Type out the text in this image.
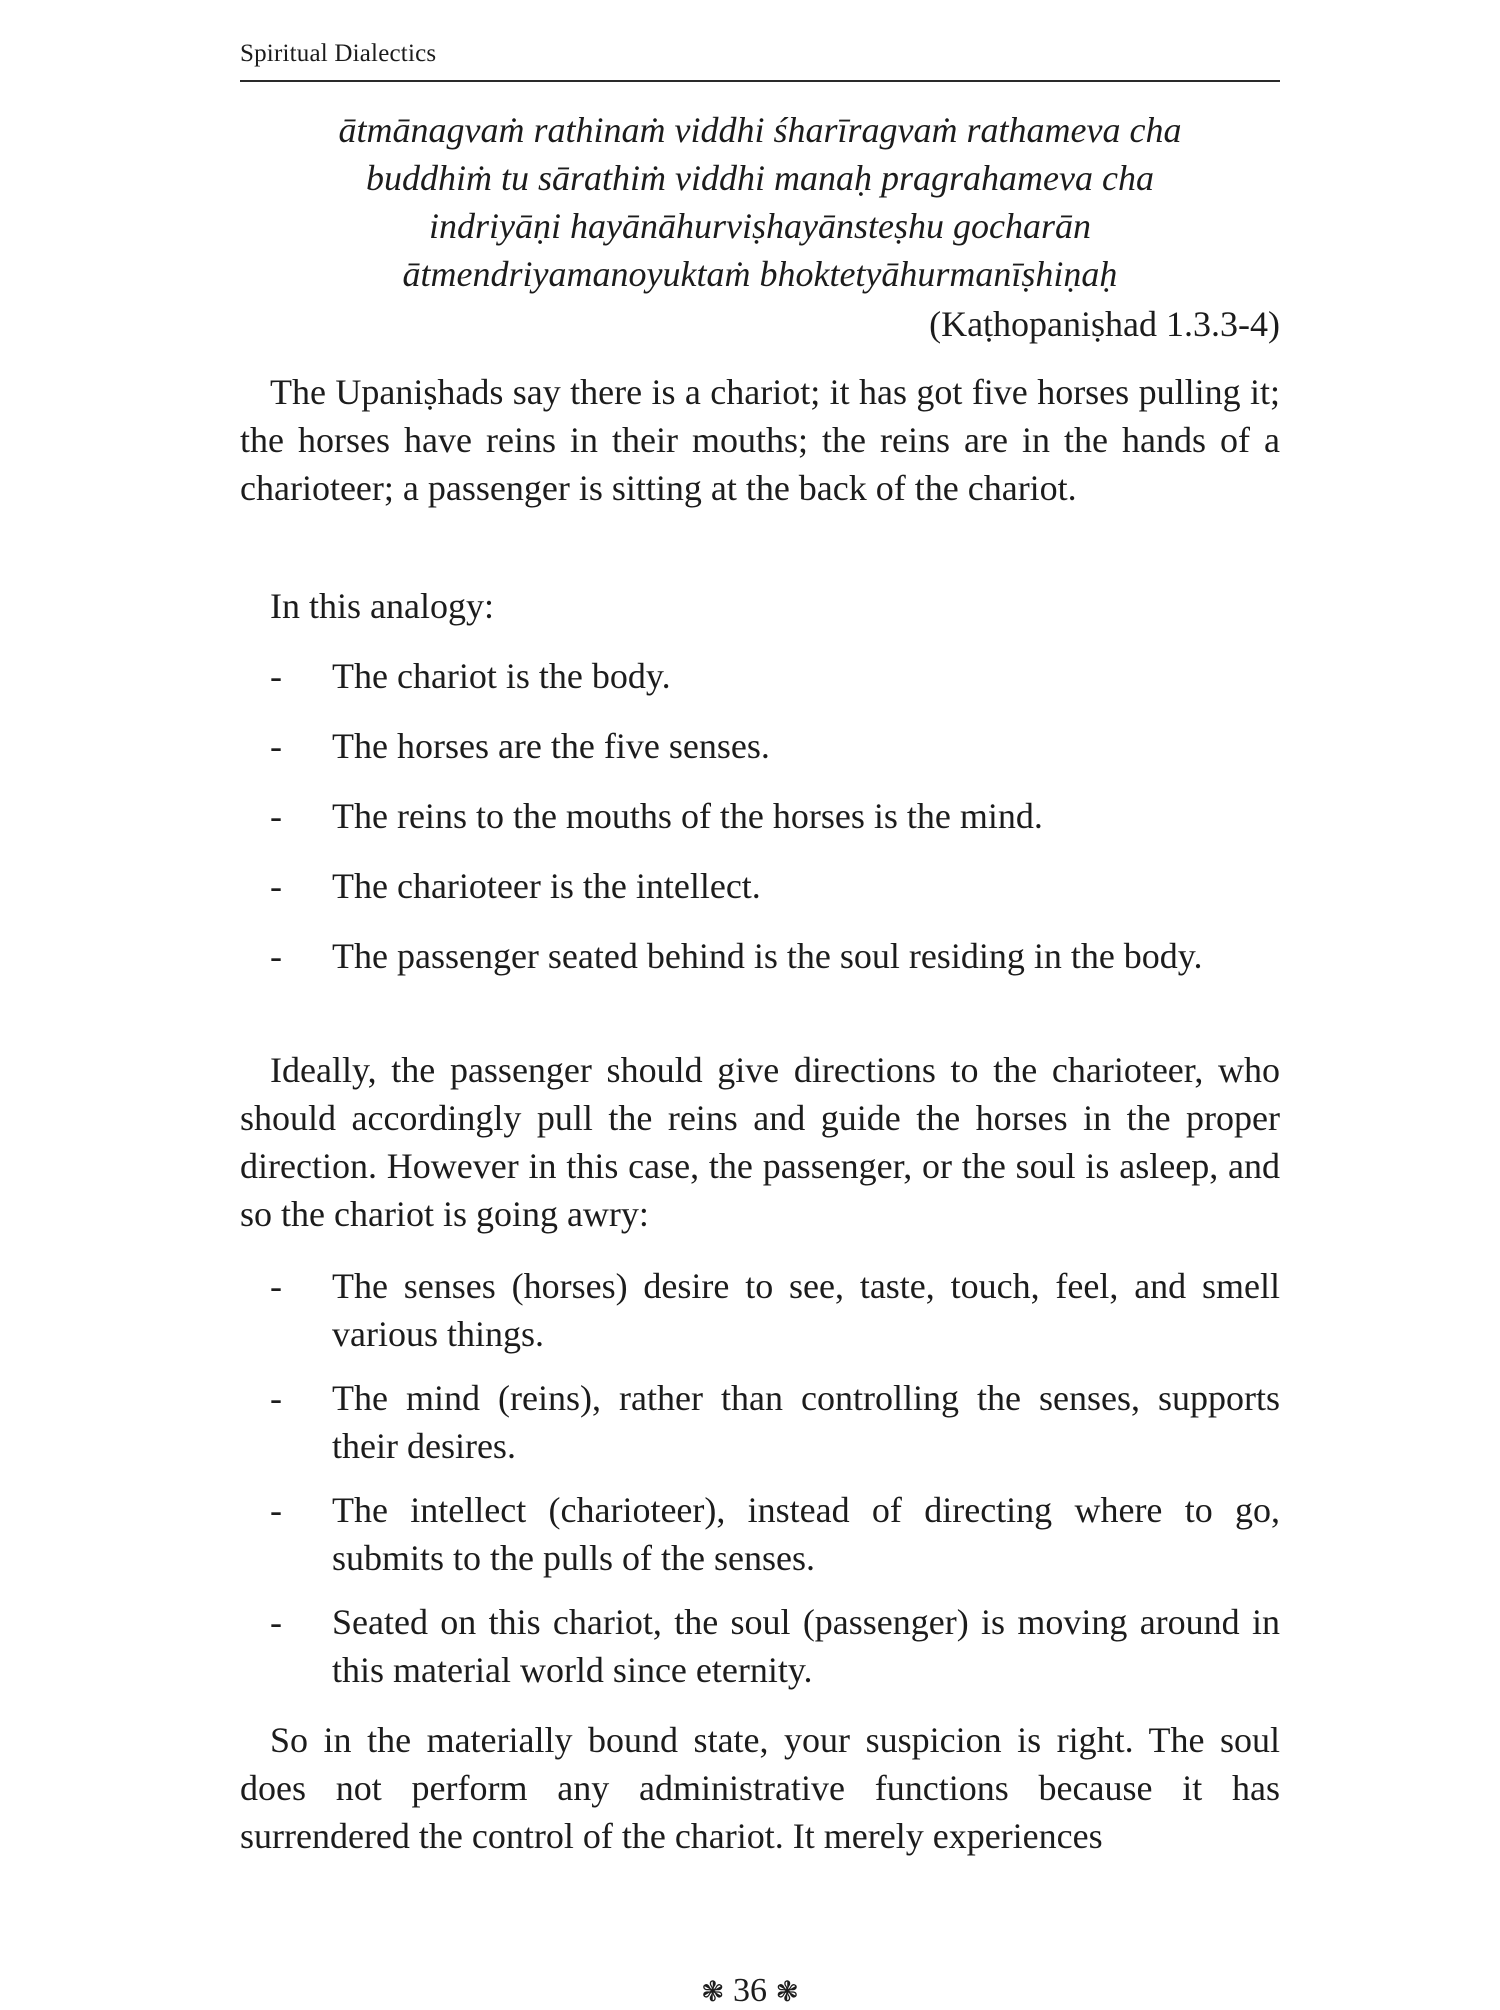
Spiritual Dialectics
ātmānagvaṁ rathinaṁ viddhi śharīragvaṁ rathameva cha
buddhiṁ tu sārathiṁ viddhi manaḥ pragrahameva cha
indriyāṇi hayānāhurviṣhayānsteṣhu gocharān
ātmendriyamanoyuktaṁ bhoktetyāhurmanīṣhiṇaḥ
(Kaṭhopaniṣhad 1.3.3-4)

The Upaniṣhads say there is a chariot; it has got five horses pulling it; the horses have reins in their mouths; the reins are in the hands of a charioteer; a passenger is sitting at the back of the chariot.

In this analogy:

- The chariot is the body.
- The horses are the five senses.
- The reins to the mouths of the horses is the mind.
- The charioteer is the intellect.
- The passenger seated behind is the soul residing in the body.

Ideally, the passenger should give directions to the charioteer, who should accordingly pull the reins and guide the horses in the proper direction. However in this case, the passenger, or the soul is asleep, and so the chariot is going awry:

- The senses (horses) desire to see, taste, touch, feel, and smell various things.
- The mind (reins), rather than controlling the senses, supports their desires.
- The intellect (charioteer), instead of directing where to go, submits to the pulls of the senses.
- Seated on this chariot, the soul (passenger) is moving around in this material world since eternity.

So in the materially bound state, your suspicion is right. The soul does not perform any administrative functions because it has surrendered the control of the chariot. It merely experiences

❃ 36 ❃
